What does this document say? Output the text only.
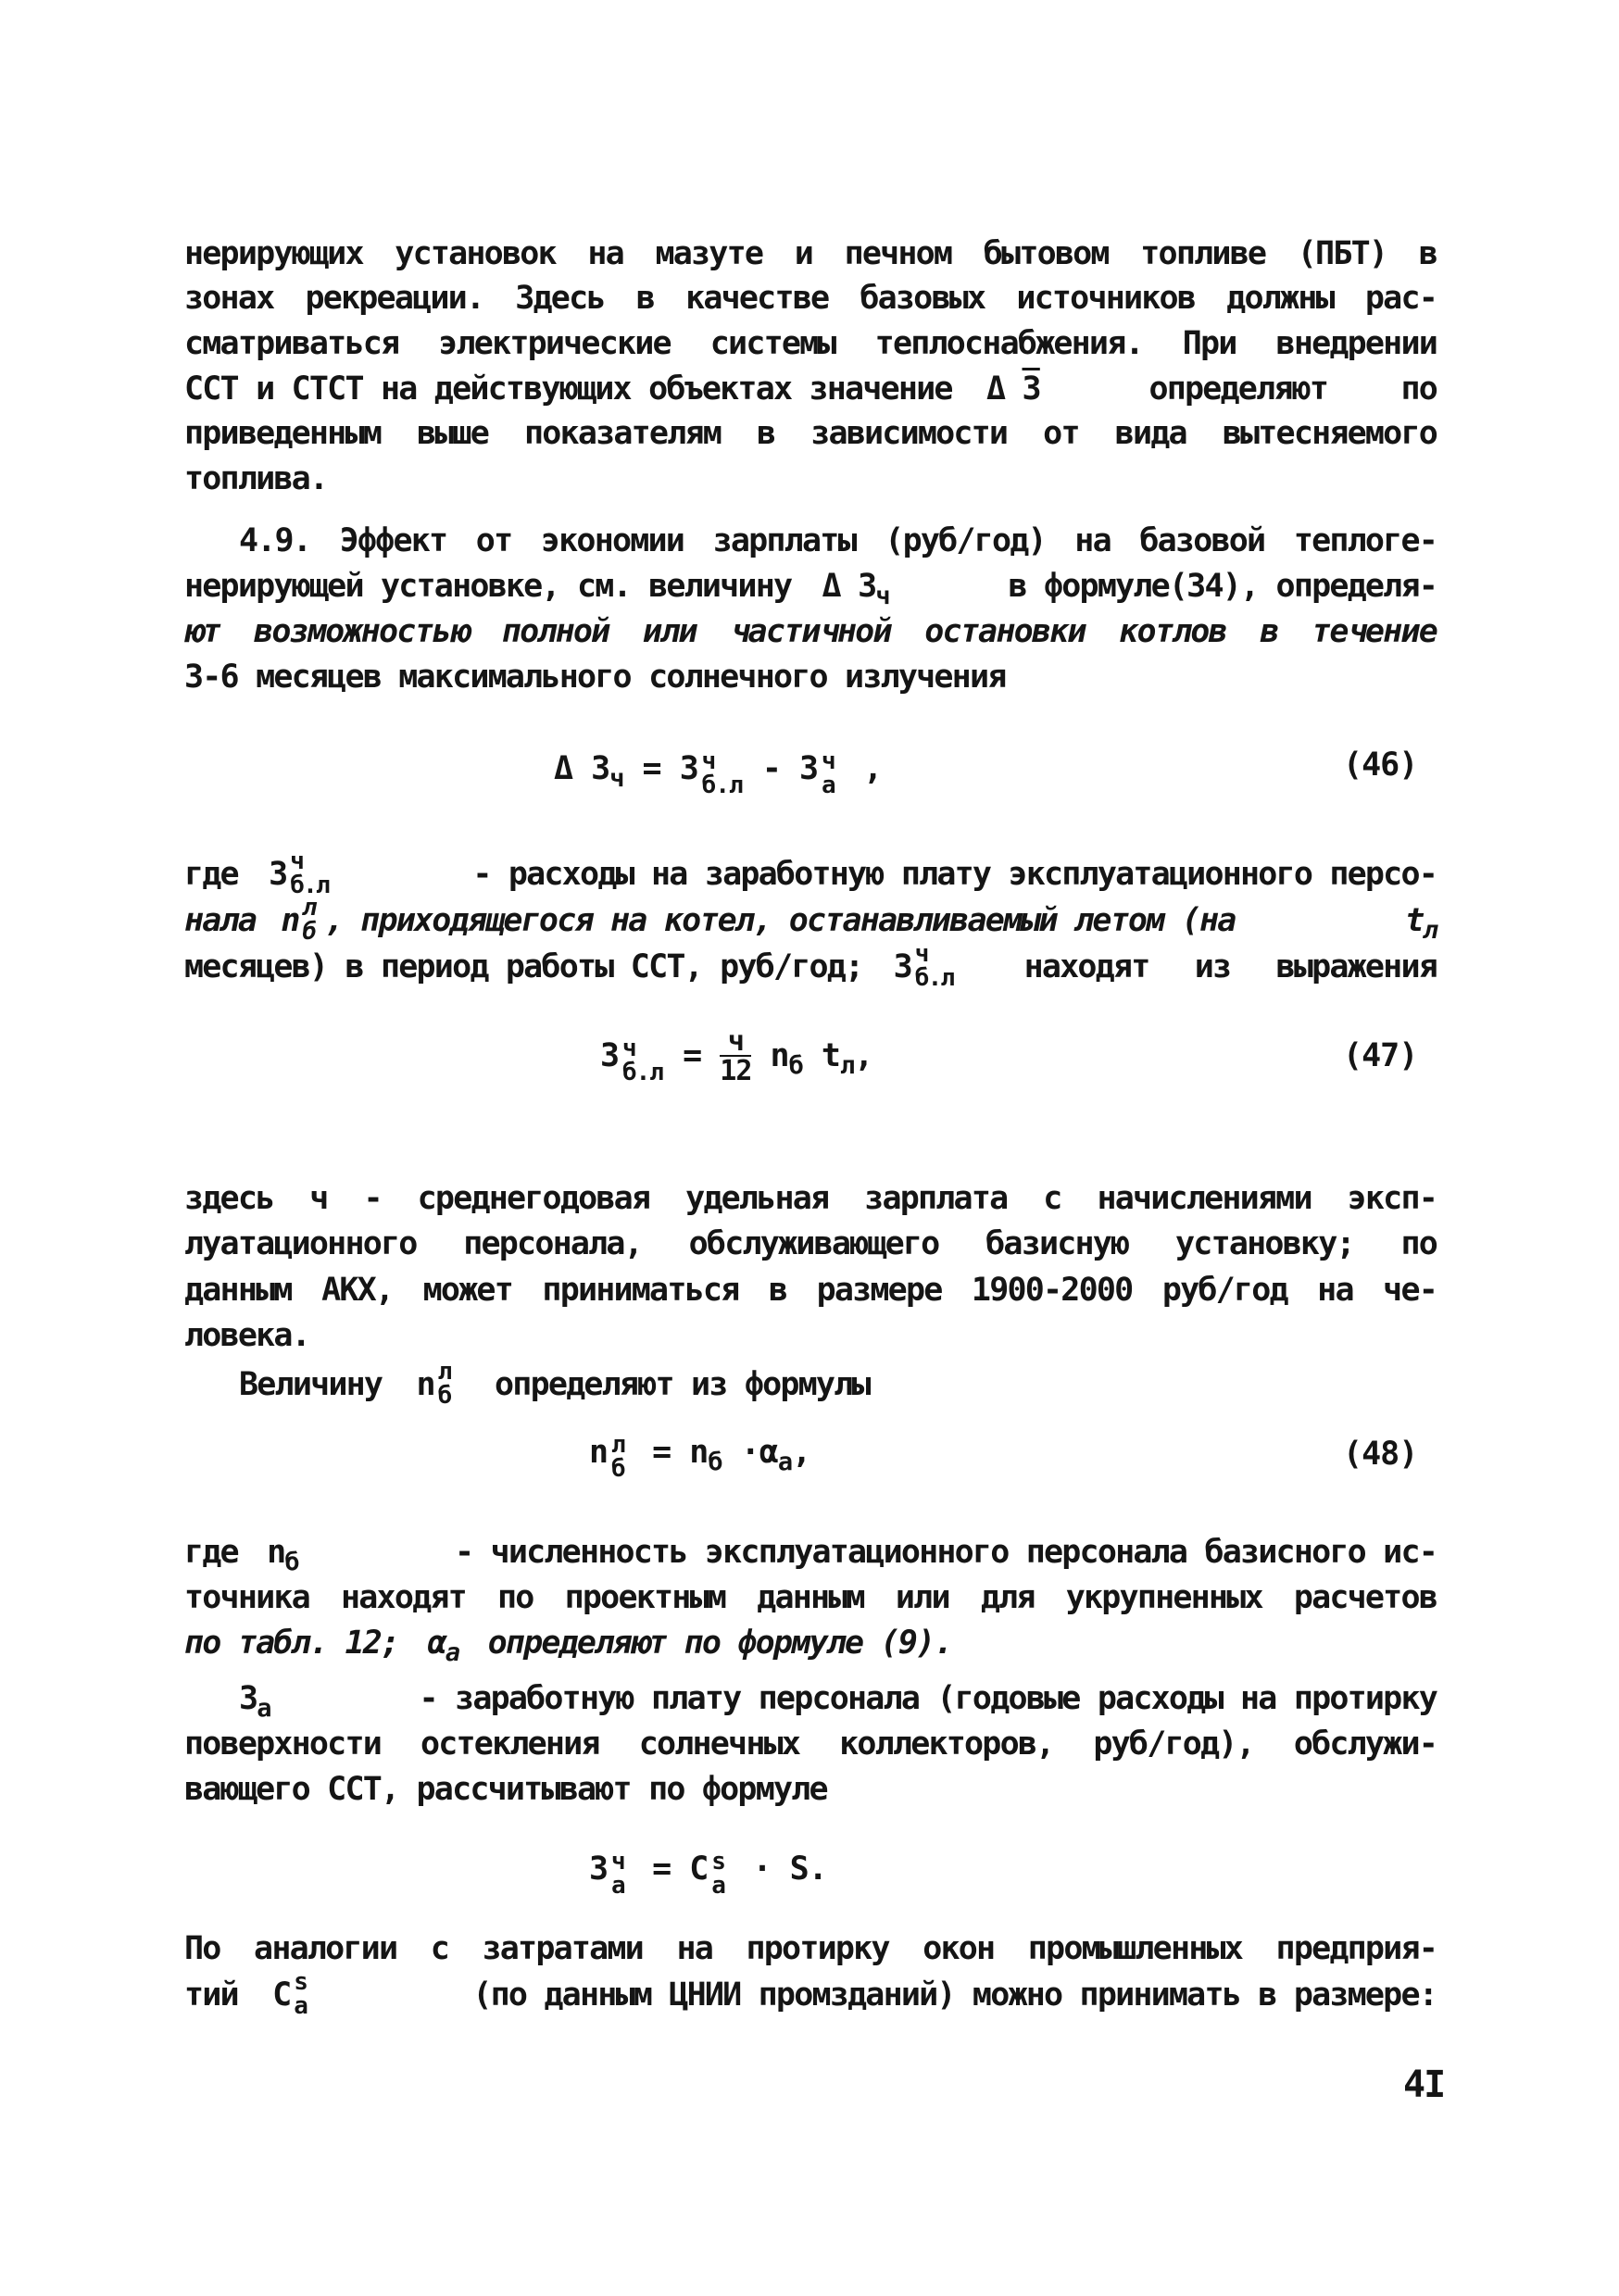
нерирующих установок на мазуте и печном бытовом топливе (ПБТ) в
зонах рекреации. Здесь в качестве базовых источников должны рас-
сматриваться электрические системы теплоснабжения. При внедрении
ССТ и СТСТ на действующих объектах значение Δ 3	определяют по
приведенным выше показателям в зависимости от вида вытесняемого
топлива.
4.9. Эффект от экономии зарплаты (руб/год) на базовой теплоге-
нерирующей установке, см. величину Δ $3_ч$	в формуле(34), определя-
ют возможностью полной или частичной остановки котлов в течение
3-6 месяцев максимального солнечного излучения
Δ $3_ч = 3$ ч
б.л - 3 ч
а ,	(46)
где 3 ч
б.л	- расходы на заработную плату эксплуатационного персо-
нала n л
б , приходящегося на котел, останавливаемый летом (на	$t_л$
месяцев) в период работы ССТ, руб/год; 3 ч
б.л находят из выражения
3 ч
$б.л = \frac{ч}{12} n_б$ $t_л$,	(47)
здесь ч - среднегодовая удельная зарплата с начислениями эксп-
луатационного персонала, обслуживающего базисную установку; по
данным АКХ, может приниматься в размере 1900-2000 руб/год на че-
ловека.
Величину n л
б определяют из формулы
n л
$б = n_б \cdot\alpha_а$,	(48)
где $n_б$	- численность эксплуатационного персонала базисного ис-
точника находят по проектным данным или для укрупненных расчетов
по табл. 12; $\alpha_а$ определяют по формуле (9).
$3_а$	- заработную плату персонала (годовые расходы на протирку
поверхности остекления солнечных коллекторов, руб/год), обслужи-
вающего ССТ, рассчитывают по формуле
3 ч
а = C s
а · S.
По аналогии с затратами на протирку окон промышленных предприя-
тий C s
а	(по данным ЦНИИ промзданий) можно принимать в размере:
4I
